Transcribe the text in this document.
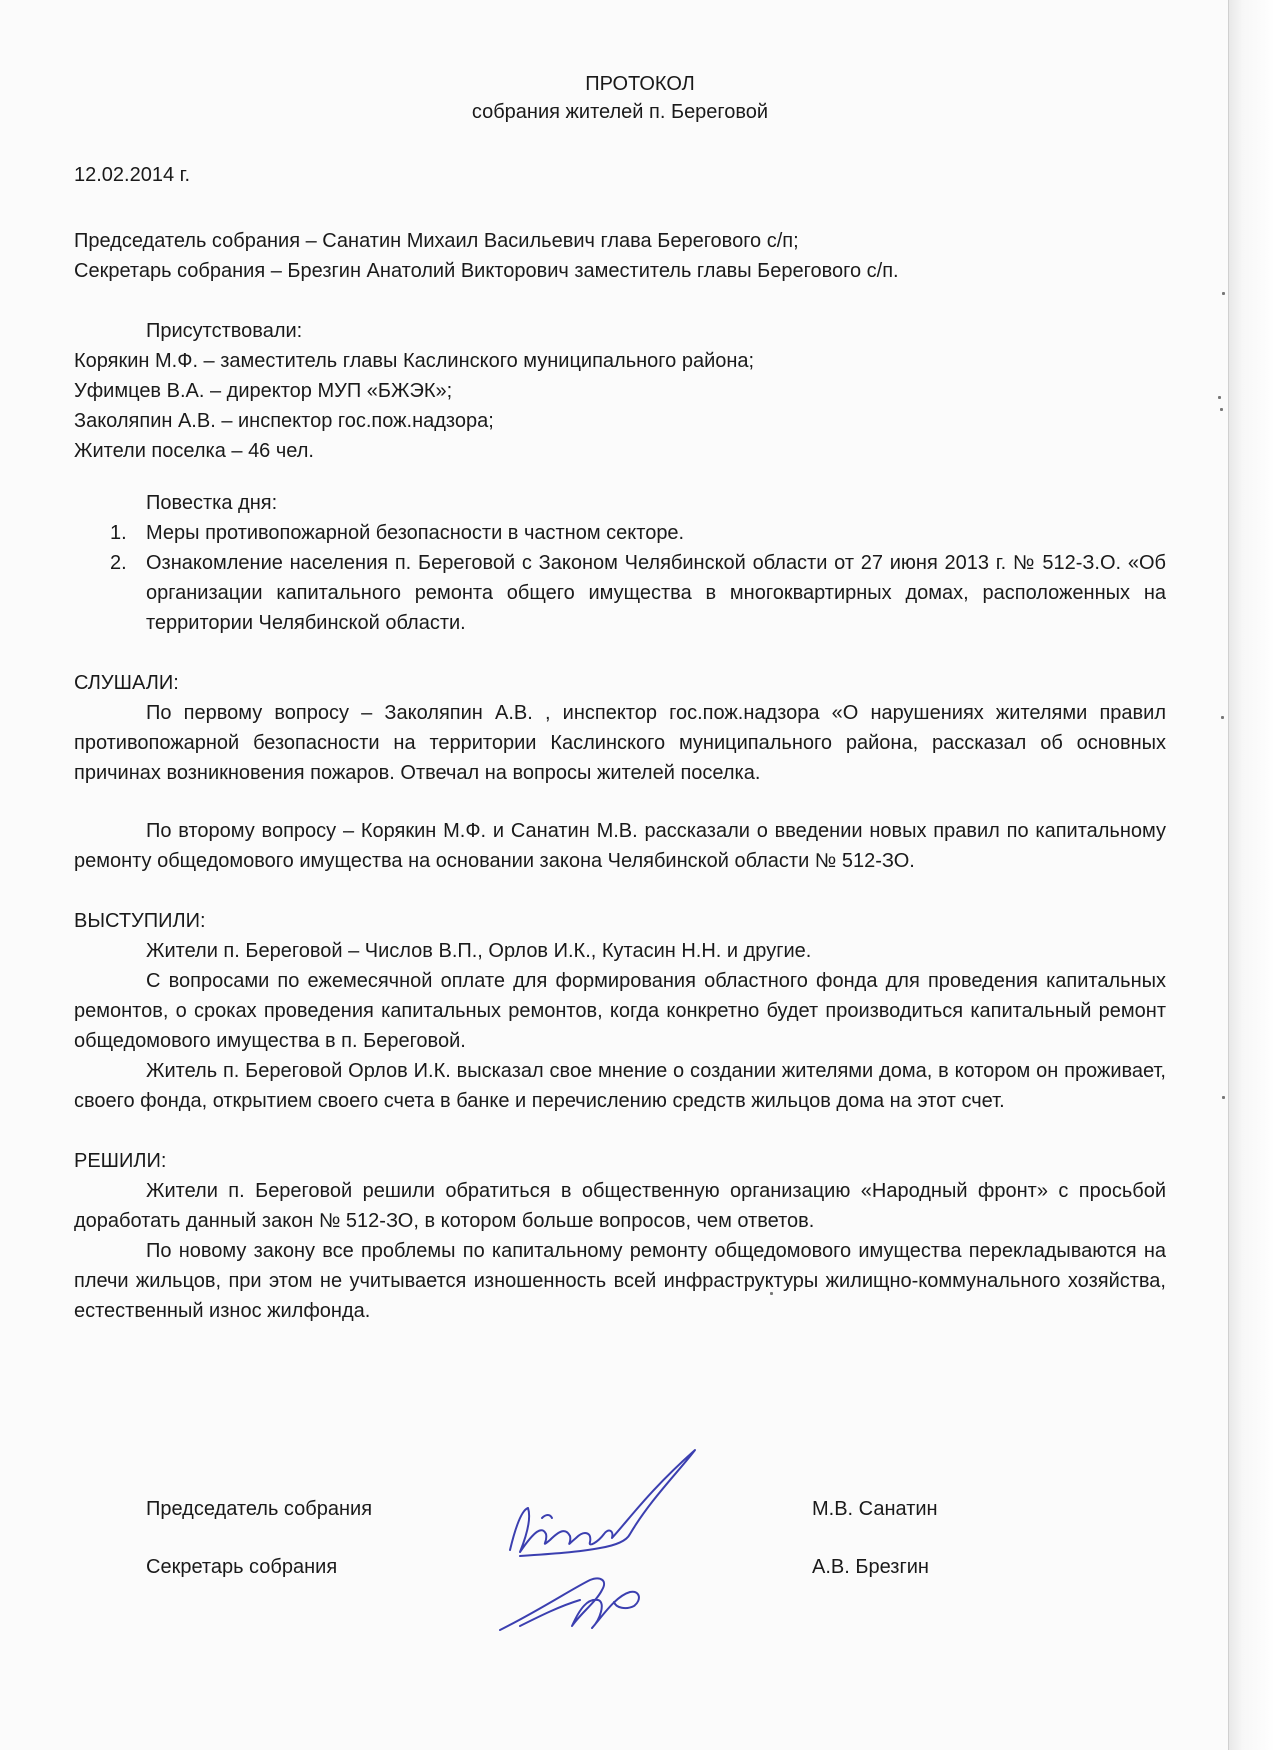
ПРОТОКОЛ
собрания жителей п. Береговой
12.02.2014 г.
Председатель собрания – Санатин Михаил Васильевич глава Берегового с/п;
Секретарь собрания – Брезгин Анатолий Викторович заместитель главы Берегового с/п.
Присутствовали:
Корякин М.Ф. – заместитель главы Каслинского муниципального района;
Уфимцев В.А. – директор МУП «БЖЭК»;
Заколяпин А.В. – инспектор гос.пож.надзора;
Жители поселка – 46 чел.
Повестка дня:
1. Меры противопожарной безопасности в частном секторе.
2. Ознакомление населения п. Береговой с Законом Челябинской области от 27 июня 2013 г. № 512-З.О. «Об организации капитального ремонта общего имущества в многоквартирных домах, расположенных на территории Челябинской области.
СЛУШАЛИ:
По первому вопросу – Заколяпин А.В. , инспектор гос.пож.надзора «О нарушениях жителями правил противопожарной безопасности на территории Каслинского муниципального района, рассказал об основных причинах возникновения пожаров. Отвечал на вопросы жителей поселка.
По второму вопросу – Корякин М.Ф. и Санатин М.В. рассказали о введении новых правил по капитальному ремонту общедомового имущества на основании закона Челябинской области № 512-ЗО.
ВЫСТУПИЛИ:
Жители п. Береговой – Числов В.П., Орлов И.К., Кутасин Н.Н. и другие.
С вопросами по ежемесячной оплате для формирования областного фонда для проведения капитальных ремонтов, о сроках проведения капитальных ремонтов, когда конкретно будет производиться капитальный ремонт общедомового имущества в п. Береговой.
Житель п. Береговой Орлов И.К. высказал свое мнение о создании жителями дома, в котором он проживает, своего фонда, открытием своего счета в банке и перечислению средств жильцов дома на этот счет.
РЕШИЛИ:
Жители п. Береговой решили обратиться в общественную организацию «Народный фронт» с просьбой доработать данный закон № 512-ЗО, в котором больше вопросов, чем ответов.
По новому закону все проблемы по капитальному ремонту общедомового имущества перекладываются на плечи жильцов, при этом не учитывается изношенность всей инфраструктуры жилищно-коммунального хозяйства, естественный износ жилфонда.
Председатель собрания	М.В. Санатин
Секретарь собрания	А.В. Брезгин
